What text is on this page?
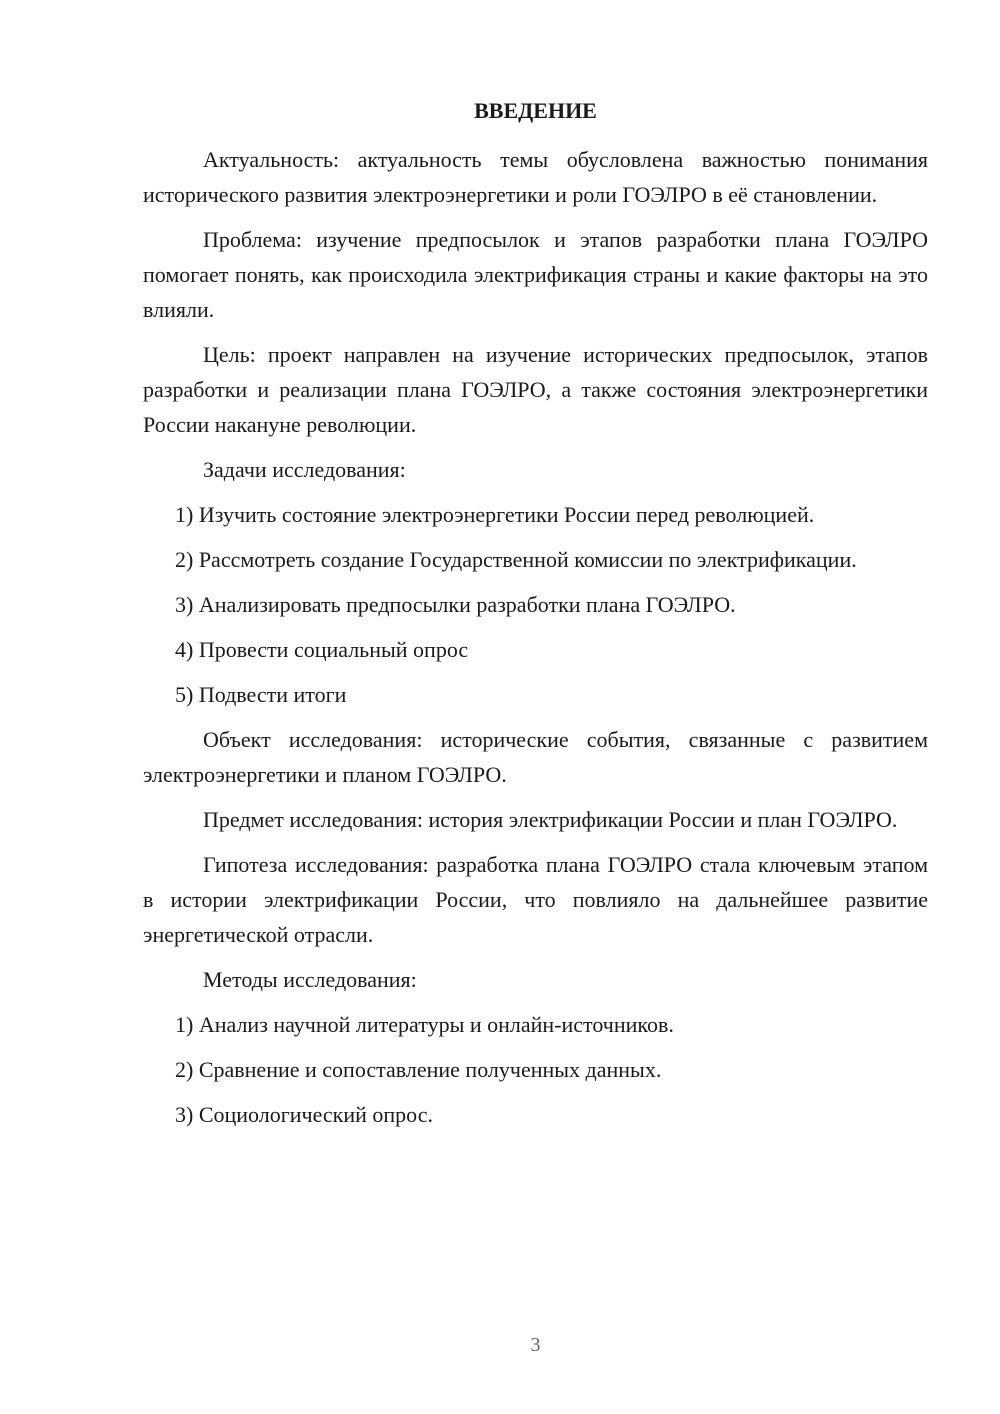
ВВЕДЕНИЕ

Актуальность: актуальность темы обусловлена важностью понимания исторического развития электроэнергетики и роли ГОЭЛРО в её становлении.

Проблема: изучение предпосылок и этапов разработки плана ГОЭЛРО помогает понять, как происходила электрификация страны и какие факторы на это влияли.

Цель: проект направлен на изучение исторических предпосылок, этапов разработки и реализации плана ГОЭЛРО, а также состояния электроэнергетики России накануне революции.

Задачи исследования:

1) Изучить состояние электроэнергетики России перед революцией.

2) Рассмотреть создание Государственной комиссии по электрификации.

3) Анализировать предпосылки разработки плана ГОЭЛРО.

4) Провести социальный опрос

5) Подвести итоги

Объект исследования: исторические события, связанные с развитием электроэнергетики и планом ГОЭЛРО.

Предмет исследования: история электрификации России и план ГОЭЛРО.

Гипотеза исследования: разработка плана ГОЭЛРО стала ключевым этапом в истории электрификации России, что повлияло на дальнейшее развитие энергетической отрасли.

Методы исследования:

1) Анализ научной литературы и онлайн-источников.

2) Сравнение и сопоставление полученных данных.

3) Социологический опрос.

3
